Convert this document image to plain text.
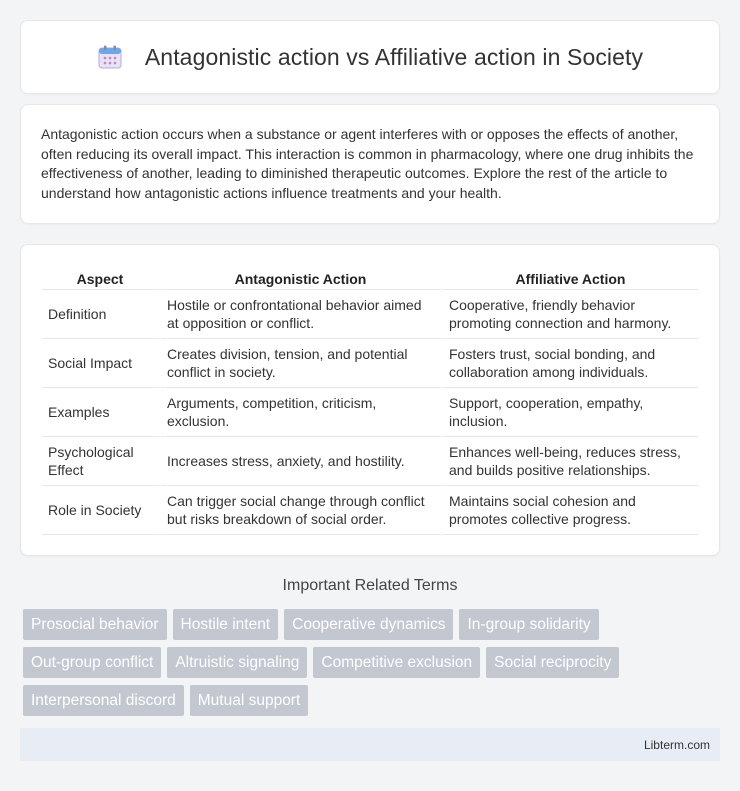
Antagonistic action vs Affiliative action in Society

Antagonistic action occurs when a substance or agent interferes with or opposes the effects of another, often reducing its overall impact. This interaction is common in pharmacology, where one drug inhibits the effectiveness of another, leading to diminished therapeutic outcomes. Explore the rest of the article to understand how antagonistic actions influence treatments and your health.

Aspect	Antagonistic Action	Affiliative Action
Definition	Hostile or confrontational behavior aimed at opposition or conflict.	Cooperative, friendly behavior promoting connection and harmony.
Social Impact	Creates division, tension, and potential conflict in society.	Fosters trust, social bonding, and collaboration among individuals.
Examples	Arguments, competition, criticism, exclusion.	Support, cooperation, empathy, inclusion.
Psychological Effect	Increases stress, anxiety, and hostility.	Enhances well-being, reduces stress, and builds positive relationships.
Role in Society	Can trigger social change through conflict but risks breakdown of social order.	Maintains social cohesion and promotes collective progress.
Important Related Terms
Prosocial behavior	Hostile intent	Cooperative dynamics	In-group solidarity
Out-group conflict	Altruistic signaling	Competitive exclusion	Social reciprocity
Interpersonal discord	Mutual support
Libterm.com
